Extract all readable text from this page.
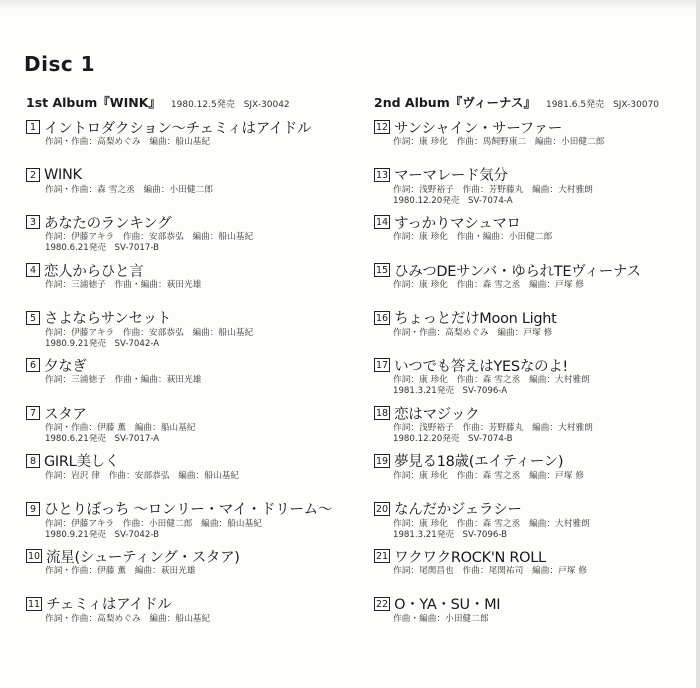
Disc 1
1st Album『WINK』 1980.12.5発売　SJX-30042
1 イントロダクション〜チェミィはアイドル
作詞・作曲：高梨めぐみ　編曲：船山基紀
2 WINK
作詞・作曲：森 雪之丞　編曲：小田健二郎
3 あなたのランキング
作詞：伊藤アキラ　作曲：安部恭弘　編曲：船山基紀
1980.6.21発売　SV-7017-B
4 恋人からひと言
作詞：三浦徳子　作曲・編曲：萩田光雄
5 さよならサンセット
作詞：伊藤アキラ　作曲：安部恭弘　編曲：船山基紀
1980.9.21発売　SV-7042-A
6 夕なぎ
作詞：三浦徳子　作曲・編曲：萩田光雄
7 スタア
作詞・作曲：伊藤 薫　編曲：船山基紀
1980.6.21発売　SV-7017-A
8 GIRL美しく
作詞：岩沢 律　作曲：安部恭弘　編曲：船山基紀
9 ひとりぼっち 〜ロンリー・マイ・ドリーム〜
作詞：伊藤アキラ　作曲：小田健二郎　編曲：船山基紀
1980.9.21発売　SV-7042-B
10 流星(シューティング・スタア)
作詞・作曲：伊藤 薫　編曲：萩田光雄
11 チェミィはアイドル
作詞・作曲：高梨めぐみ　編曲：船山基紀
2nd Album『ヴィーナス』 1981.6.5発売　SJX-30070
12 サンシャイン・サーファー
作詞：康 珍化　作曲：馬飼野康二　編曲：小田健二郎
13 マーマレード気分
作詞：浅野裕子　作曲：芳野藤丸　編曲：大村雅朗
1980.12.20発売　SV-7074-A
14 すっかりマシュマロ
作詞：康 珍化　作曲・編曲：小田健二郎
15 ひみつDEサンバ・ゆられTEヴィーナス
作詞：康 珍化　作曲：森 雪之丞　編曲：戸塚 修
16 ちょっとだけMoon Light
作詞・作曲：高梨めぐみ　編曲：戸塚 修
17 いつでも答えはYESなのよ!
作詞：康 珍化　作曲：森 雪之丞　編曲：大村雅朗
1981.3.21発売　SV-7096-A
18 恋はマジック
作詞：浅野裕子　作曲：芳野藤丸　編曲：大村雅朗
1980.12.20発売　SV-7074-B
19 夢見る18歳(エイティーン)
作詞：康 珍化　作曲：森 雪之丞　編曲：戸塚 修
20 なんだかジェラシー
作詞：康 珍化　作曲：森 雪之丞　編曲：大村雅朗
1981.3.21発売　SV-7096-B
21 ワクワクROCK'N ROLL
作詞：尾関昌也　作曲：尾関祐司　編曲：戸塚 修
22 O・YA・SU・MI
作曲・編曲：小田健二郎
